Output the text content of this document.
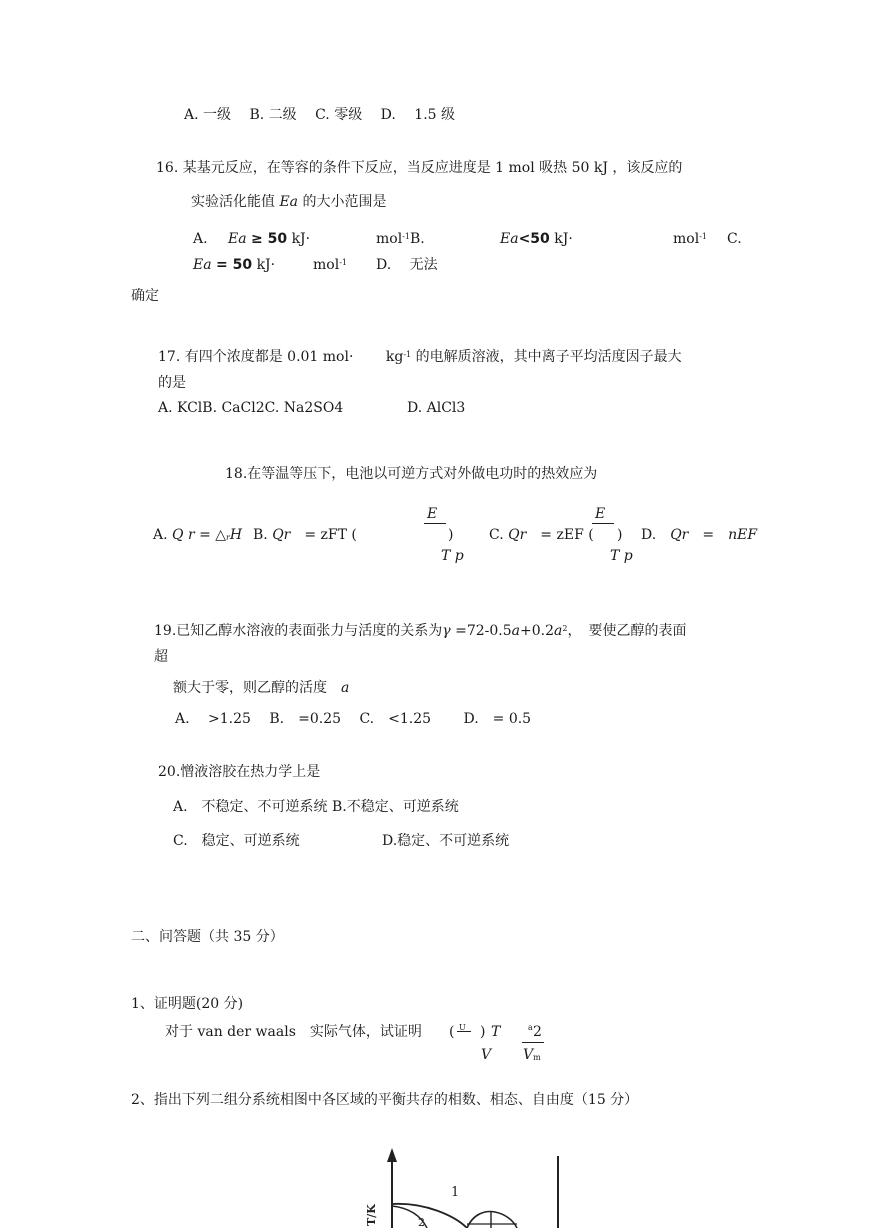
A. 一级　 B. 二级　 C. 零级　 D.　 1.5 级
16. 某基元反应，在等容的条件下反应，当反应进度是 1 mol 吸热 50 kJ ，该反应的
实验活化能值 Ea 的大小范围是
A. Ea ≥ 50 kJ·	mol$^{-1}$B.	Ea<50 kJ·	mol$^{-1}$ C.
Ea = 50 kJ·	mol$^{-1}$ D.　 无法
确定
17. 有四个浓度都是 0.01 mol·　　 $kg^{-1}$ 的电解质溶液，其中离子平均活度因子最大
的是
A. KClB. CaCl2C. Na2SO4	D. AlCl3
18.在等温等压下，电池以可逆方式对外做电功时的热效应为
A. Q $r = \triangle_rH$ B. Qr　 = zFT (
E
)
T p
C. Qr　 = zEF (
E
)
T p
D.　 Qr　 =　 nEF
19.已知乙醇水溶液的表面张力与活度的关系为$\gamma =72-0.5a+0.2a^2$，　要使乙醇的表面
超
额大于零，则乙醇的活度　 a
A.　 >1.25　 B.　=0.25　 C.　<1.25　　 D.　= 0.5
20.憎液溶胶在热力学上是
A.　不稳定、不可逆系统 B.不稳定、可逆系统
C.　稳定、可逆系统	D.稳定、不可逆系统
二、问答题（共 35 分）
1、证明题(20 分)
对于 van der waals　实际气体，试证明 ( U ) T
V
a 2
$V_m$
2、指出下列二组分系统相图中各区域的平衡共存的相数、相态、自由度（15 分）
1
2
T/K
